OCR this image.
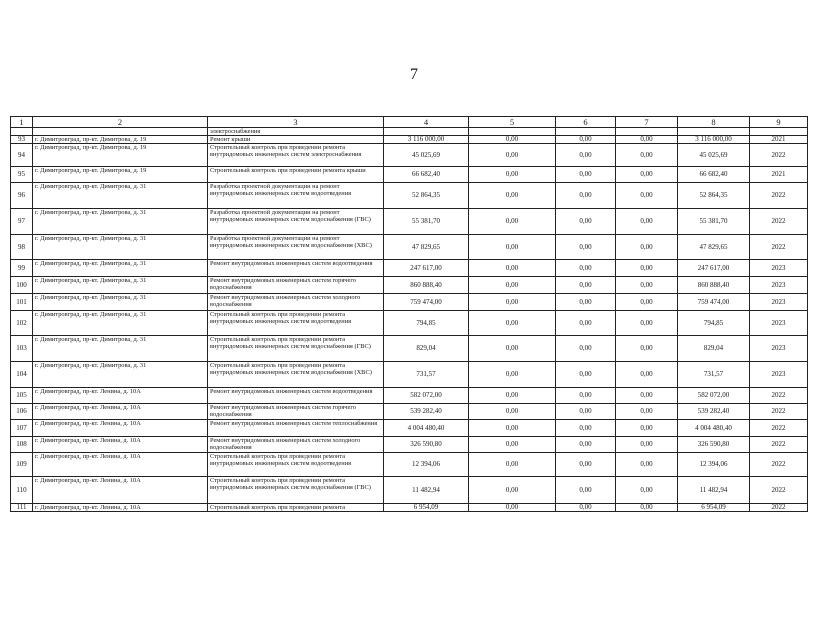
7
1	2	3	4	5	6	7	8	9
		электроснабжения						
93	г. Димитровград, пр-кт. Димитрова, д. 19	Ремонт крыши	3 116 000,00	0,00	0,00	0,00	3 116 000,00	2021
94	г. Димитровград, пр-кт. Димитрова, д. 19	Строительный контроль при проведении ремонта внутридомовых инженерных систем электроснабжения	45 025,69	0,00	0,00	0,00	45 025,69	2022
95	г. Димитровград, пр-кт. Димитрова, д. 19	Строительный контроль при проведении ремонта крыши	66 682,40	0,00	0,00	0,00	66 682,40	2021
96	г. Димитровград, пр-кт. Димитрова, д. 31	Разработка проектной документации на ремонт внутридомовых инженерных систем водоотведения	52 864,35	0,00	0,00	0,00	52 864,35	2022
97	г. Димитровград, пр-кт. Димитрова, д. 31	Разработка проектной документации на ремонт внутридомовых инженерных систем водоснабжения (ГВС)	55 381,70	0,00	0,00	0,00	55 381,70	2022
98	г. Димитровград, пр-кт. Димитрова, д. 31	Разработка проектной документации на ремонт внутридомовых инженерных систем водоснабжения (ХВС)	47 829,65	0,00	0,00	0,00	47 829,65	2022
99	г. Димитровград, пр-кт. Димитрова, д. 31	Ремонт внутридомовых инженерных систем водоотведения	247 617,00	0,00	0,00	0,00	247 617,00	2023
100	г. Димитровград, пр-кт. Димитрова, д. 31	Ремонт внутридомовых инженерных систем горячего водоснабжения	860 888,40	0,00	0,00	0,00	860 888,40	2023
101	г. Димитровград, пр-кт. Димитрова, д. 31	Ремонт внутридомовых инженерных систем холодного водоснабжения	759 474,00	0,00	0,00	0,00	759 474,00	2023
102	г. Димитровград, пр-кт. Димитрова, д. 31	Строительный контроль при проведении ремонта внутридомовых инженерных систем водоотведения	794,85	0,00	0,00	0,00	794,85	2023
103	г. Димитровград, пр-кт. Димитрова, д. 31	Строительный контроль при проведении ремонта внутридомовых инженерных систем водоснабжения (ГВС)	829,04	0,00	0,00	0,00	829,04	2023
104	г. Димитровград, пр-кт. Димитрова, д. 31	Строительный контроль при проведении ремонта внутридомовых инженерных систем водоснабжения (ХВС)	731,57	0,00	0,00	0,00	731,57	2023
105	г. Димитровград, пр-кт. Ленина, д. 10А	Ремонт внутридомовых инженерных систем водоотведения	582 072,00	0,00	0,00	0,00	582 072,00	2022
106	г. Димитровград, пр-кт. Ленина, д. 10А	Ремонт внутридомовых инженерных систем горячего водоснабжения	539 282,40	0,00	0,00	0,00	539 282,40	2022
107	г. Димитровград, пр-кт. Ленина, д. 10А	Ремонт внутридомовых инженерных систем теплоснабжения	4 004 480,40	0,00	0,00	0,00	4 004 480,40	2022
108	г. Димитровград, пр-кт. Ленина, д. 10А	Ремонт внутридомовых инженерных систем холодного водоснабжения	326 590,80	0,00	0,00	0,00	326 590,80	2022
109	г. Димитровград, пр-кт. Ленина, д. 10А	Строительный контроль при проведении ремонта внутридомовых инженерных систем водоотведения	12 394,06	0,00	0,00	0,00	12 394,06	2022
110	г. Димитровград, пр-кт. Ленина, д. 10А	Строительный контроль при проведении ремонта внутридомовых инженерных систем водоснабжения (ГВС)	11 482,94	0,00	0,00	0,00	11 482,94	2022
111	г. Димитровград, пр-кт. Ленина, д. 10А	Строительный контроль при проведении ремонта	6 954,09	0,00	0,00	0,00	6 954,09	2022
